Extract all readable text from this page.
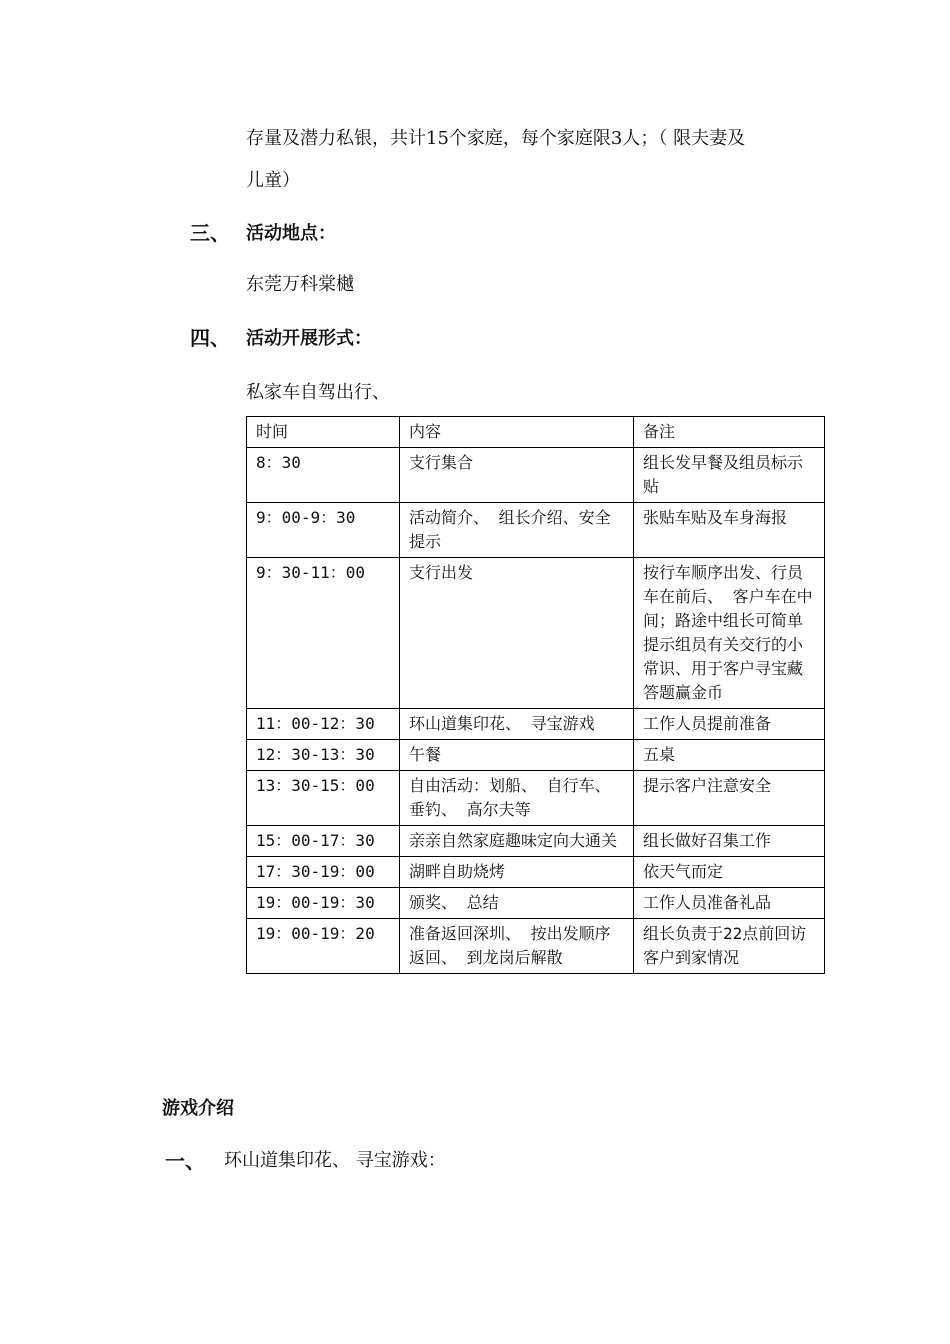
存量及潜力私银，共计15个家庭，每个家庭限3人；（ 限夫妻及
儿童）
三、 活动地点：
东莞万科棠樾
四、 活动开展形式：
私家车自驾出行、
时间	内容	备注
8：30	支行集合	组长发早餐及组员标示贴
9：00-9：30	活动简介、 组长介绍、安全提示	张贴车贴及车身海报
9：30-11：00	支行出发	按行车顺序出发、行员车在前后、 客户车在中间；路途中组长可简单提示组员有关交行的小常识、用于客户寻宝藏答题赢金币
11：00-12：30	环山道集印花、 寻宝游戏	工作人员提前准备
12：30-13：30	午餐	五桌
13：30-15：00	自由活动：划船、 自行车、 垂钓、 高尔夫等	提示客户注意安全
15：00-17：30	亲亲自然家庭趣味定向大通关	组长做好召集工作
17：30-19：00	湖畔自助烧烤	依天气而定
19：00-19：30	颁奖、 总结	工作人员准备礼品
19：00-19：20	准备返回深圳、 按出发顺序返回、 到龙岗后解散	组长负责于22点前回访客户到家情况
游戏介绍
一、 环山道集印花、 寻宝游戏：
